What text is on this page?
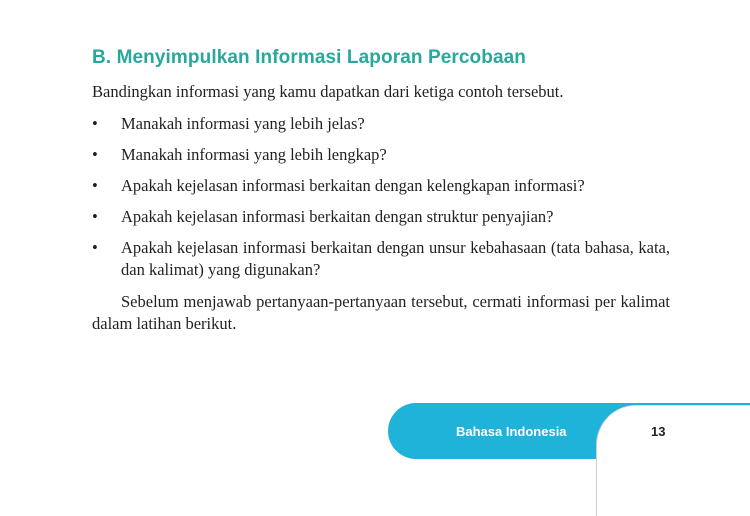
B. Menyimpulkan Informasi Laporan Percobaan
Bandingkan informasi yang kamu dapatkan dari ketiga contoh tersebut.
•	Manakah informasi yang lebih jelas?
•	Manakah informasi yang lebih lengkap?
•	Apakah kejelasan informasi berkaitan dengan kelengkapan informasi?
•	Apakah kejelasan informasi berkaitan dengan struktur penyajian?
•	Apakah kejelasan informasi berkaitan dengan unsur kebahasaan (tata bahasa, kata, dan kalimat) yang digunakan?
Sebelum menjawab pertanyaan-pertanyaan tersebut, cermati informasi per kalimat dalam latihan berikut.
Bahasa Indonesia	13
